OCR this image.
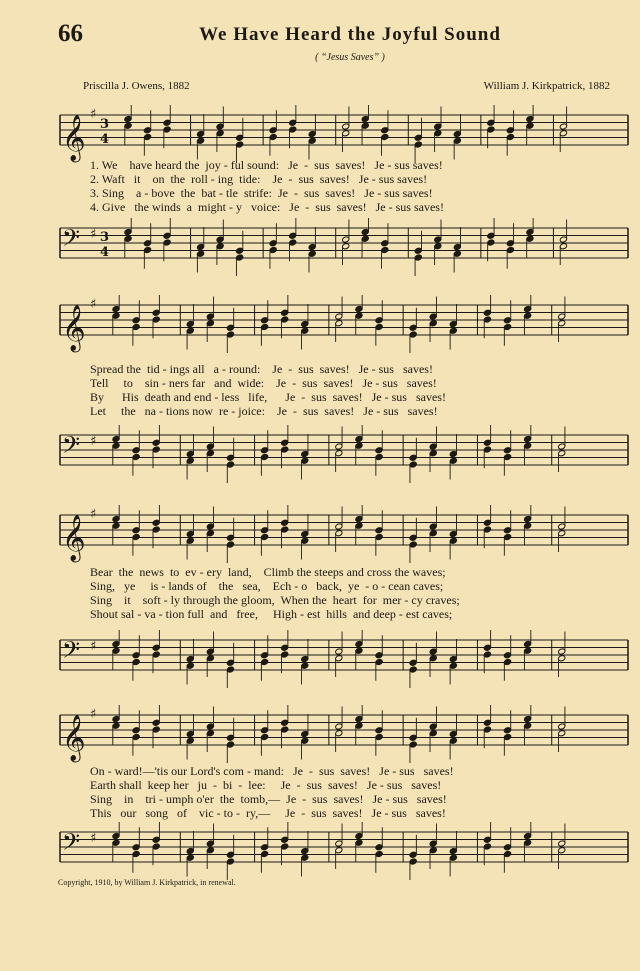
66	We Have Heard the Joyful Sound
( “Jesus Saves” )
Priscilla J. Owens, 1882	William J. Kirkpatrick, 1882
𝄞
♯
3
4
1. We    have heard the  joy - ful sound:   Je  -  sus  saves!   Je - sus saves!
2. Waft   it    on  the  roll - ing  tide:    Je  -  sus  saves!   Je - sus saves!
3. Sing    a - bove  the  bat - tle  strife:  Je  -  sus  saves!   Je - sus saves!
4. Give   the winds  a  might - y   voice:   Je  -  sus  saves!   Je - sus saves!
𝄢 ♯ 3
4
𝄞
♯
Spread the  tid - ings all   a - round:    Je  -  sus  saves!   Je - sus   saves!
Tell     to    sin - ners far   and  wide:    Je  -  sus  saves!   Je - sus   saves!
By      His  death and end - less   life,      Je  -  sus  saves!   Je - sus   saves!
Let     the   na - tions now  re - joice:    Je  -  sus  saves!   Je - sus   saves!
𝄢 ♯
𝄞
♯
Bear  the  news  to  ev - ery  land,    Climb the steeps and cross the waves;
Sing,   ye     is - lands of    the   sea,    Ech - o   back,  ye  - o - cean caves;
Sing    it    soft - ly through the gloom,  When the  heart  for  mer - cy craves;
Shout sal - va - tion full  and   free,     High - est  hills  and deep - est caves;
𝄢 ♯
𝄞
♯
On - ward!—'tis our Lord's com - mand:   Je  -  sus  saves!   Je - sus   saves!
Earth shall  keep her   ju  -  bi  -  lee:     Je  -  sus  saves!   Je - sus   saves!
Sing    in    tri - umph o'er  the  tomb,—  Je  -  sus  saves!   Je - sus   saves!
This   our   song   of    vic - to -  ry,—     Je  -  sus  saves!   Je - sus   saves!
𝄢 ♯
Copyright, 1910, by William J. Kirkpatrick, in renewal.
